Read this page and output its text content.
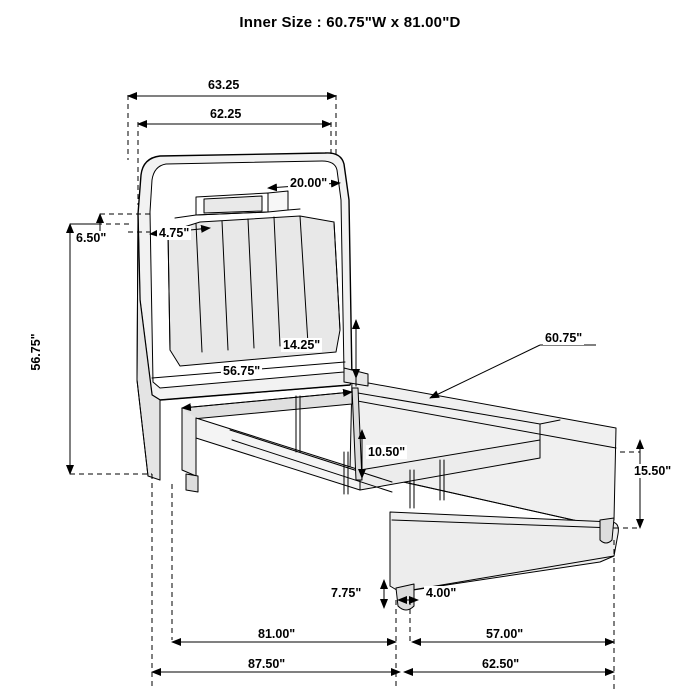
Inner Size : 60.75"W x 81.00"D
63.25
62.25
20.00"
4.75"
6.50"
56.75"	14.25"
56.75"
60.75"
10.50"
15.50"
7.75"	4.00"
81.00"	57.00"
87.50"	62.50"
